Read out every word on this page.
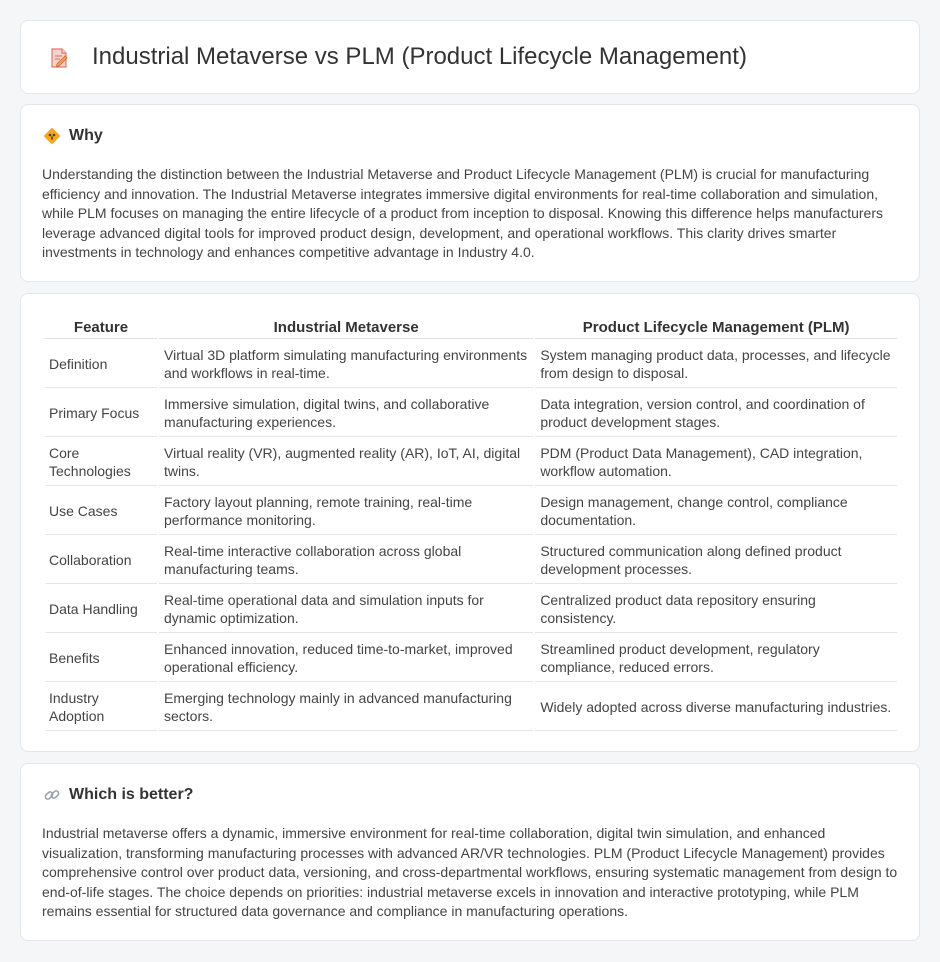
Industrial Metaverse vs PLM (Product Lifecycle Management)
Why

Understanding the distinction between the Industrial Metaverse and Product Lifecycle Management (PLM) is crucial for manufacturing efficiency and innovation. The Industrial Metaverse integrates immersive digital environments for real-time collaboration and simulation, while PLM focuses on managing the entire lifecycle of a product from inception to disposal. Knowing this difference helps manufacturers leverage advanced digital tools for improved product design, development, and operational workflows. This clarity drives smarter investments in technology and enhances competitive advantage in Industry 4.0.

Feature	Industrial Metaverse	Product Lifecycle Management (PLM)
Definition	Virtual 3D platform simulating manufacturing environments and workflows in real-time.	System managing product data, processes, and lifecycle from design to disposal.
Primary Focus	Immersive simulation, digital twins, and collaborative manufacturing experiences.	Data integration, version control, and coordination of product development stages.
Core Technologies	Virtual reality (VR), augmented reality (AR), IoT, AI, digital twins.	PDM (Product Data Management), CAD integration, workflow automation.
Use Cases	Factory layout planning, remote training, real-time performance monitoring.	Design management, change control, compliance documentation.
Collaboration	Real-time interactive collaboration across global manufacturing teams.	Structured communication along defined product development processes.
Data Handling	Real-time operational data and simulation inputs for dynamic optimization.	Centralized product data repository ensuring consistency.
Benefits	Enhanced innovation, reduced time-to-market, improved operational efficiency.	Streamlined product development, regulatory compliance, reduced errors.
Industry Adoption	Emerging technology mainly in advanced manufacturing sectors.	Widely adopted across diverse manufacturing industries.
Which is better?

Industrial metaverse offers a dynamic, immersive environment for real-time collaboration, digital twin simulation, and enhanced visualization, transforming manufacturing processes with advanced AR/VR technologies. PLM (Product Lifecycle Management) provides comprehensive control over product data, versioning, and cross-departmental workflows, ensuring systematic management from design to end-of-life stages. The choice depends on priorities: industrial metaverse excels in innovation and interactive prototyping, while PLM remains essential for structured data governance and compliance in manufacturing operations.
